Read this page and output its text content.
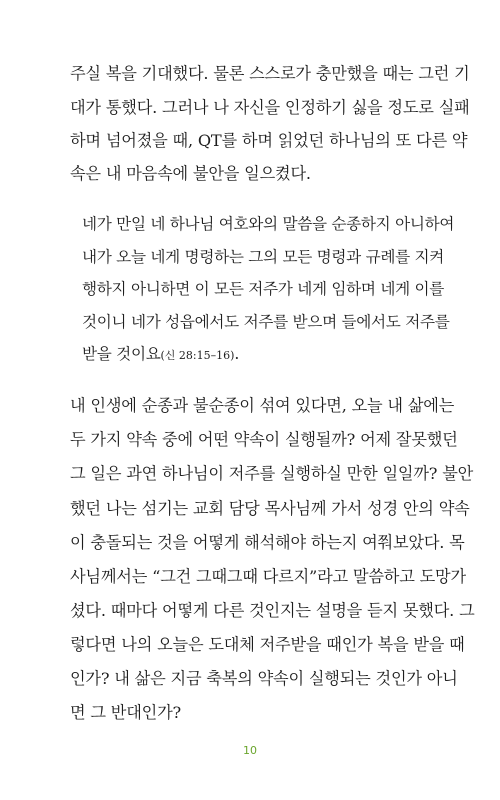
주실 복을 기대했다. 물론 스스로가 충만했을 때는 그런 기
대가 통했다. 그러나 나 자신을 인정하기 싫을 정도로 실패
하며 넘어졌을 때, QT를 하며 읽었던 하나님의 또 다른 약
속은 내 마음속에 불안을 일으켰다.
네가 만일 네 하나님 여호와의 말씀을 순종하지 아니하여
내가 오늘 네게 명령하는 그의 모든 명령과 규례를 지켜
행하지 아니하면 이 모든 저주가 네게 임하며 네게 이를
것이니 네가 성읍에서도 저주를 받으며 들에서도 저주를
받을 것이요(신 28:15–16).
내 인생에 순종과 불순종이 섞여 있다면, 오늘 내 삶에는
두 가지 약속 중에 어떤 약속이 실행될까? 어제 잘못했던
그 일은 과연 하나님이 저주를 실행하실 만한 일일까? 불안
했던 나는 섬기는 교회 담당 목사님께 가서 성경 안의 약속
이 충돌되는 것을 어떻게 해석해야 하는지 여쭤보았다. 목
사님께서는 “그건 그때그때 다르지”라고 말씀하고 도망가
셨다. 때마다 어떻게 다른 것인지는 설명을 듣지 못했다. 그
렇다면 나의 오늘은 도대체 저주받을 때인가 복을 받을 때
인가? 내 삶은 지금 축복의 약속이 실행되는 것인가 아니
면 그 반대인가?
10
